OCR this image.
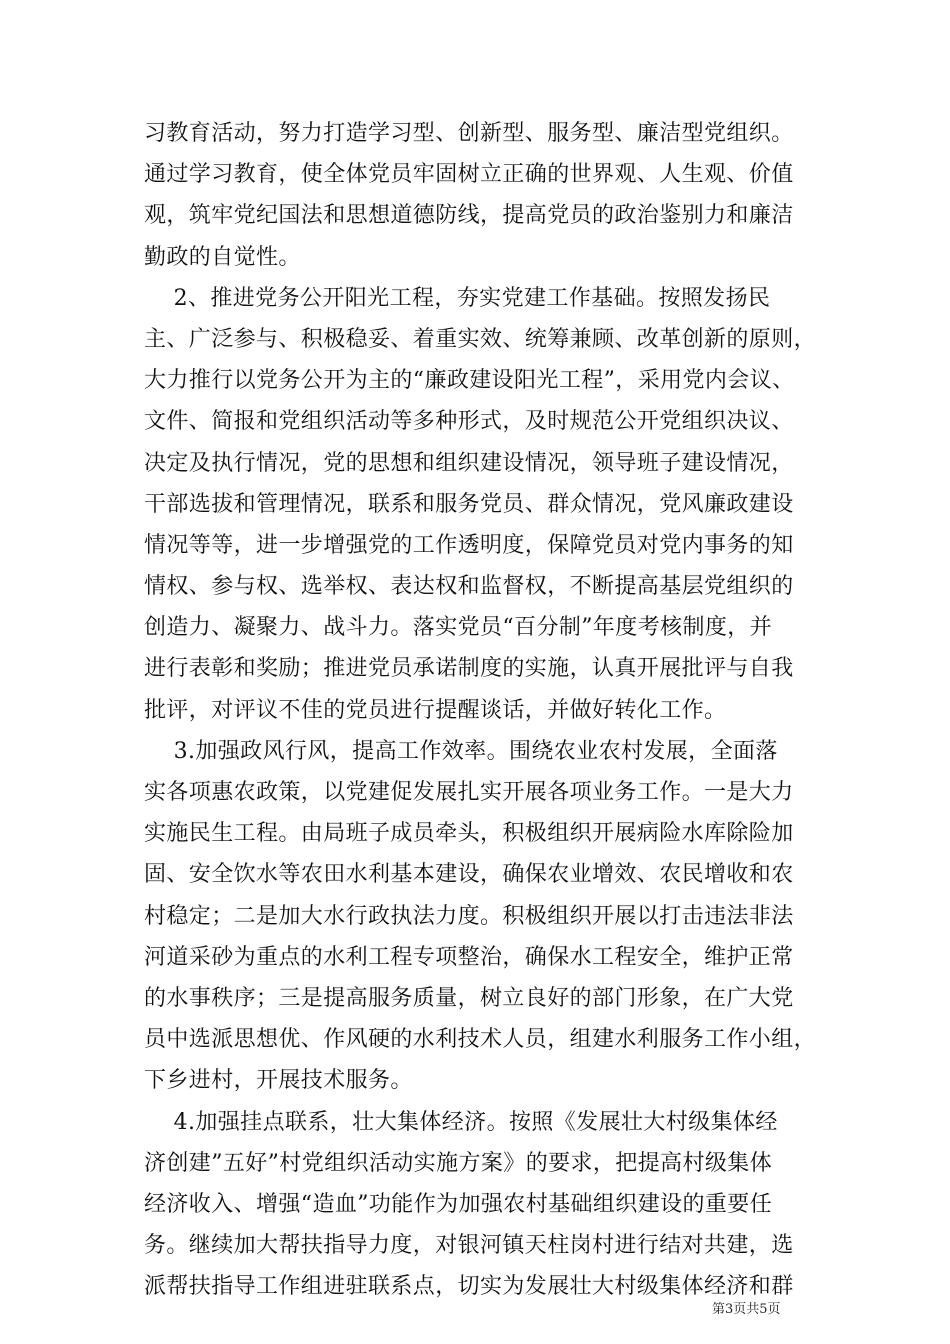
习教育活动，努力打造学习型、创新型、服务型、廉洁型党组织。
通过学习教育，使全体党员牢固树立正确的世界观、人生观、价值
观，筑牢党纪国法和思想道德防线，提高党员的政治鉴别力和廉洁
勤政的自觉性。
2、推进党务公开阳光工程，夯实党建工作基础。按照发扬民
主、广泛参与、积极稳妥、着重实效、统筹兼顾、改革创新的原则，
大力推行以党务公开为主的“廉政建设阳光工程”，采用党内会议、
文件、简报和党组织活动等多种形式，及时规范公开党组织决议、
决定及执行情况，党的思想和组织建设情况，领导班子建设情况，
干部选拔和管理情况，联系和服务党员、群众情况，党风廉政建设
情况等等，进一步增强党的工作透明度，保障党员对党内事务的知
情权、参与权、选举权、表达权和监督权，不断提高基层党组织的
创造力、凝聚力、战斗力。落实党员“百分制”年度考核制度，并
进行表彰和奖励；推进党员承诺制度的实施，认真开展批评与自我
批评，对评议不佳的党员进行提醒谈话，并做好转化工作。
3.加强政风行风，提高工作效率。围绕农业农村发展，全面落
实各项惠农政策，以党建促发展扎实开展各项业务工作。一是大力
实施民生工程。由局班子成员牵头，积极组织开展病险水库除险加
固、安全饮水等农田水利基本建设，确保农业增效、农民增收和农
村稳定；二是加大水行政执法力度。积极组织开展以打击违法非法
河道采砂为重点的水利工程专项整治，确保水工程安全，维护正常
的水事秩序；三是提高服务质量，树立良好的部门形象，在广大党
员中选派思想优、作风硬的水利技术人员，组建水利服务工作小组，
下乡进村，开展技术服务。
4.加强挂点联系，壮大集体经济。按照《发展壮大村级集体经
济创建”五好”村党组织活动实施方案》的要求，把提高村级集体
经济收入、增强“造血”功能作为加强农村基础组织建设的重要任
务。继续加大帮扶指导力度，对银河镇天柱岗村进行结对共建，选
派帮扶指导工作组进驻联系点，切实为发展壮大村级集体经济和群
第3页共5页
